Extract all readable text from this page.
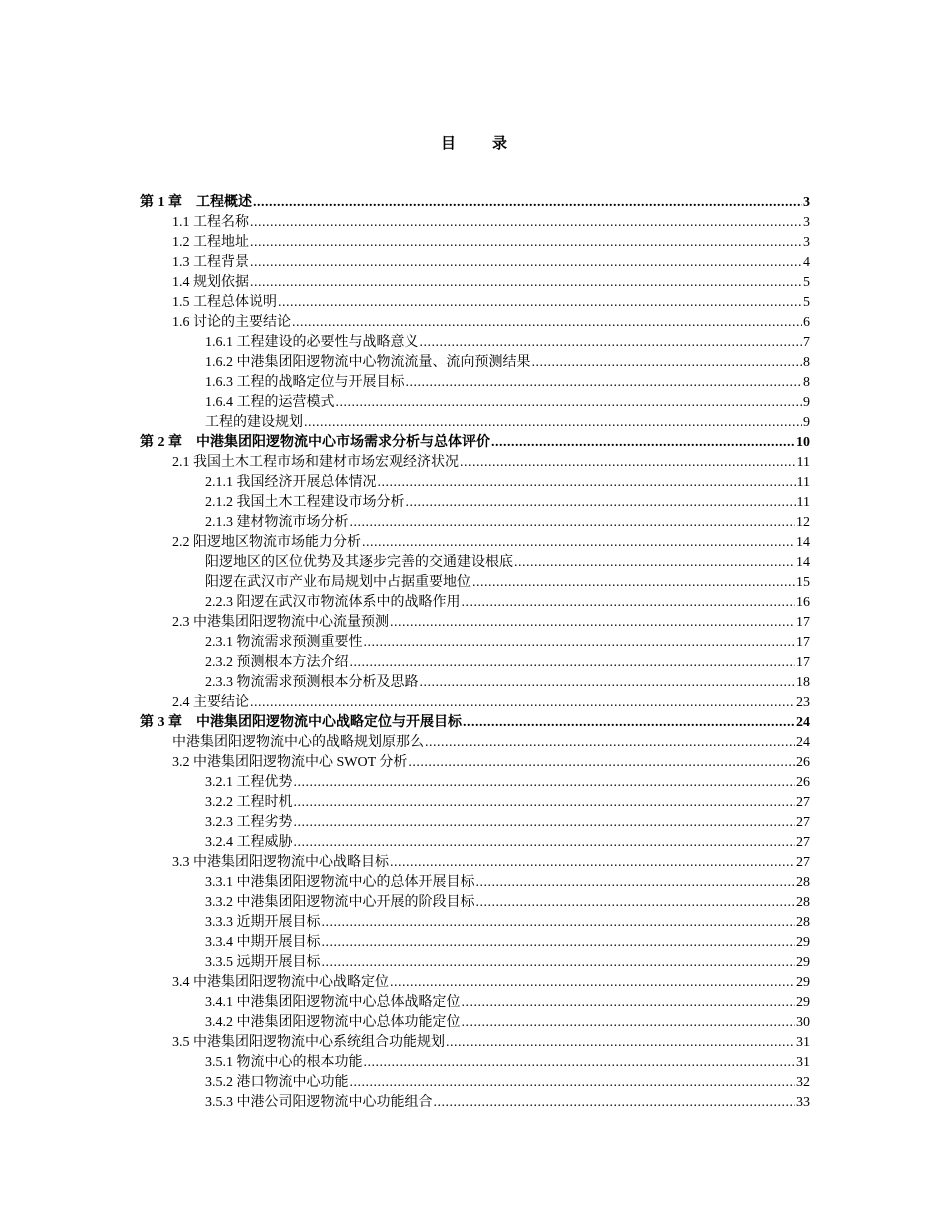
目　　录
第 1 章　工程概述 .....	3
1.1 工程名称 .....	3
1.2 工程地址 .....	3
1.3 工程背景 .....	4
1.4 规划依据 .....	5
1.5 工程总体说明 .....	5
1.6 讨论的主要结论 .....	6
1.6.1 工程建设的必要性与战略意义 .....	7
1.6.2 中港集团阳逻物流中心物流流量、流向预测结果 .....	8
1.6.3 工程的战略定位与开展目标 .....	8
1.6.4 工程的运营模式 .....	9
工程的建设规划 .....	9
第 2 章　中港集团阳逻物流中心市场需求分析与总体评价 .....	10
2.1 我国土木工程市场和建材市场宏观经济状况 .....	11
2.1.1 我国经济开展总体情况 .....	11
2.1.2 我国土木工程建设市场分析 .....	11
2.1.3 建材物流市场分析 .....	12
2.2 阳逻地区物流市场能力分析 .....	14
阳逻地区的区位优势及其逐步完善的交通建设根底 .....	14
阳逻在武汉市产业布局规划中占据重要地位 .....	15
2.2.3 阳逻在武汉市物流体系中的战略作用 .....	16
2.3 中港集团阳逻物流中心流量预测 .....	17
2.3.1 物流需求预测重要性 .....	17
2.3.2 预测根本方法介绍 .....	17
2.3.3 物流需求预测根本分析及思路 .....	18
2.4 主要结论 .....	23
第 3 章　中港集团阳逻物流中心战略定位与开展目标 .....	24
中港集团阳逻物流中心的战略规划原那么 .....	24
3.2 中港集团阳逻物流中心 SWOT 分析 .....	26
3.2.1 工程优势 .....	26
3.2.2 工程时机 .....	27
3.2.3 工程劣势 .....	27
3.2.4 工程威胁 .....	27
3.3 中港集团阳逻物流中心战略目标 .....	27
3.3.1 中港集团阳逻物流中心的总体开展目标 .....	28
3.3.2 中港集团阳逻物流中心开展的阶段目标 .....	28
3.3.3 近期开展目标 .....	28
3.3.4 中期开展目标 .....	29
3.3.5 远期开展目标 .....	29
3.4 中港集团阳逻物流中心战略定位 .....	29
3.4.1 中港集团阳逻物流中心总体战略定位 .....	29
3.4.2 中港集团阳逻物流中心总体功能定位 .....	30
3.5 中港集团阳逻物流中心系统组合功能规划 .....	31
3.5.1 物流中心的根本功能 .....	31
3.5.2 港口物流中心功能 .....	32
3.5.3 中港公司阳逻物流中心功能组合 .....	33
